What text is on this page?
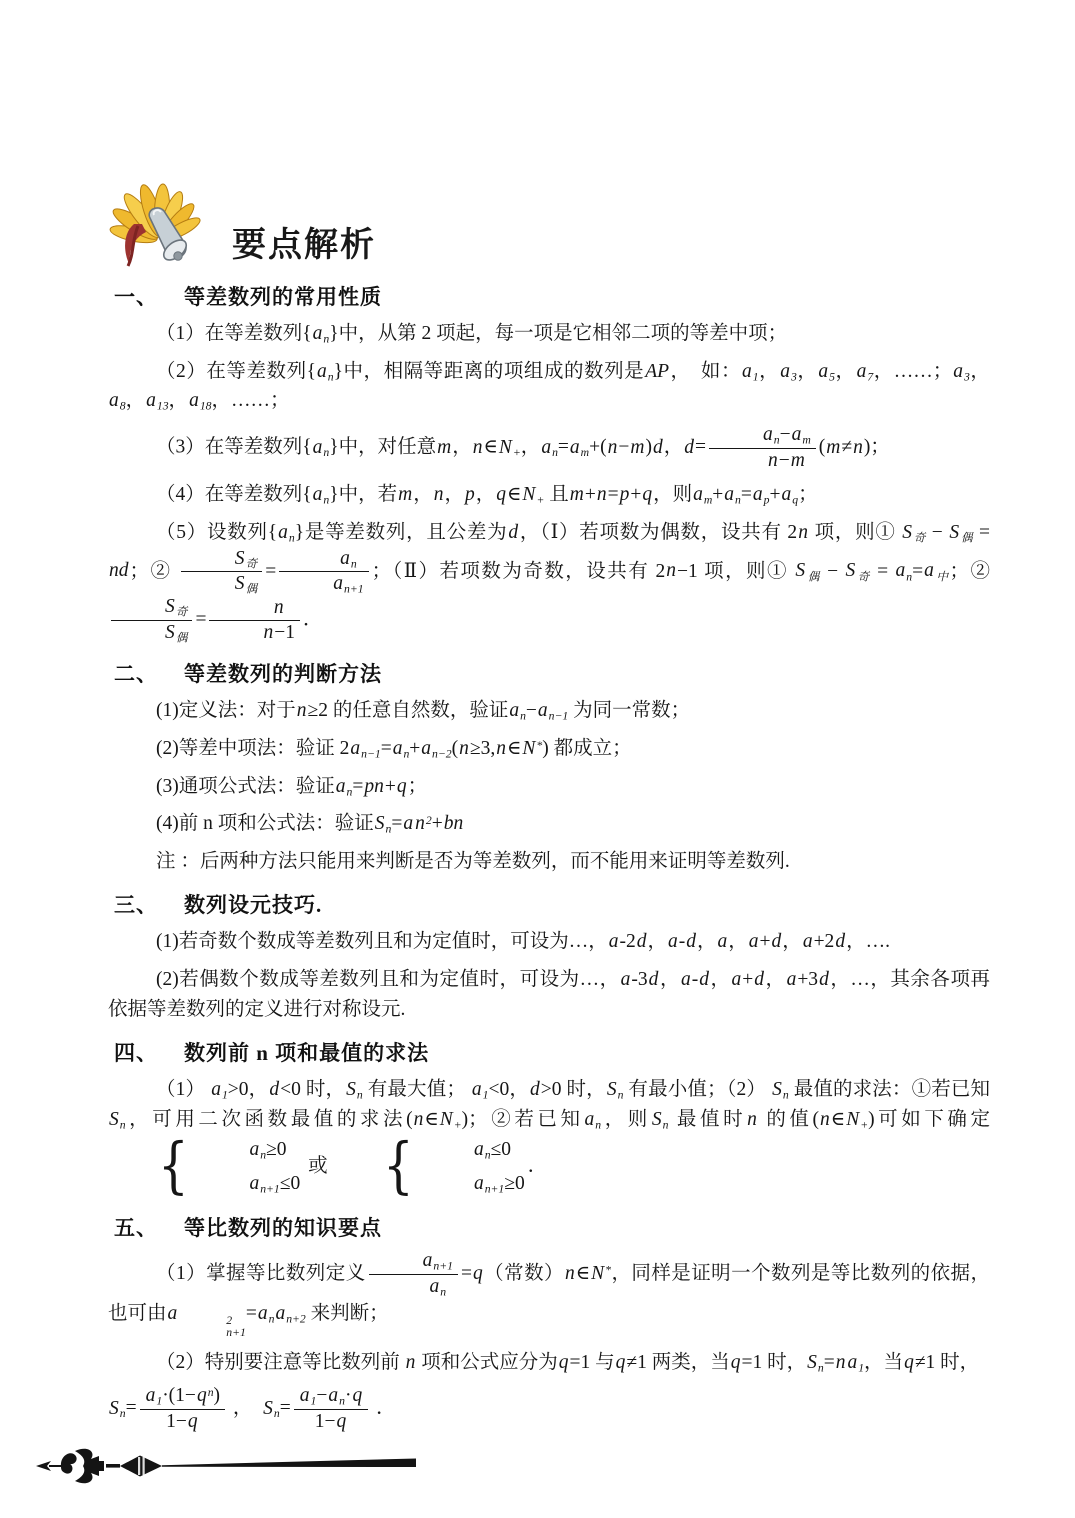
要点解析
一、 等差数列的常用性质

（1）在等差数列$\{a_n\}$中，从第 2 项起，每一项是它相邻二项的等差中项；

（2）在等差数列$\{a_n\}$中，相隔等距离的项组成的数列是AP，　如：$a_1$，$a_3$，$a_5$，$a_7$，……；$a_3$，$a_8$，$a_{13}$，$a_{18}$，……；

（3）在等差数列$\{a_n\}$中，对任意m，$n\in N_+$，$a_n=a_m+(n-m)d$，$d= \frac{a_n-a_m}{n-m} (m\ne n)$；

（4）在等差数列$\{a_n\}$中，若m，n，p，$q\in N_+$ 且m+n=p+q，则$a_m+a_n=a_p+a_q$；

（5）设数列$\{a_n\}$是等差数列，且公差为d，（Ⅰ）若项数为偶数，设共有 2n 项，则① $S_奇 - S_偶$ = nd；② $\frac{S_奇}{S_偶} = \frac{a_n}{a_{n+1}}$ ；（Ⅱ）若项数为奇数，设共有 2n−1 项，则① $S_偶 - S_奇 = a_n=a_中$；②
$\frac{S_奇}{S_偶} = \frac{n}{n-1}$ ．

二、 等差数列的判断方法

(1)定义法：对于n≥2 的任意自然数，验证$a_n-a_{n-1}$ 为同一常数；

(2)等差中项法：验证 $2a_{n-1}=a_n+a_{n-2}(n\ge 3,n\in N^*)$ 都成立；

(3)通项公式法：验证$a_n=pn+q$；

(4)前 n 项和公式法：验证$S_n=a$ $n^2+bn$

注 ：后两种方法只能用来判断是否为等差数列，而不能用来证明等差数列.

三、 数列设元技巧.

(1)若奇数个数成等差数列且和为定值时，可设为…，a-2d，a-d，a，a+d，a+2d，….

(2)若偶数个数成等差数列且和为定值时，可设为…，a-3d，a-d，a+d，a+3d，…，其余各项再依据等差数列的定义进行对称设元.

四、 数列前 n 项和最值的求法

（1） $a_1>0$，d<0 时，$S_n$ 有最大值； $a_1<0$，d>0 时，$S_n$ 有最小值；（2） $S_n$ 最值的求法：①若已知$S_n$，可用二次函数最值的求法$(n\in N_+)$；②若已知$a_n$，则$S_n$ 最值时n 的值$(n\in N_+)$可如下确定
{	$a_n\ge 0$
$a_{n+1}\le 0$
或 {	$a_n\le 0$
$a_{n+1}\ge 0$
．

五、 等比数列的知识要点

（1）掌握等比数列定义 $\frac{a_{n+1}}{a_n} =q$（常数）n∈N*，同样是证明一个数列是等比数列的依据，也可由a	2
n+1
$=a_na_{n+2}$ 来判断；

（2）特别要注意等比数列前 n 项和公式应分为q=1 与q≠1 两类，当q=1 时，$S_n=n$ $a_1$，当q≠1 时，

$S_n= \frac{a_1\cdot(1-q^n)}{1-q}$ ，　$S_n= \frac{a_1-a_n\cdot q}{1-q}$ ．
